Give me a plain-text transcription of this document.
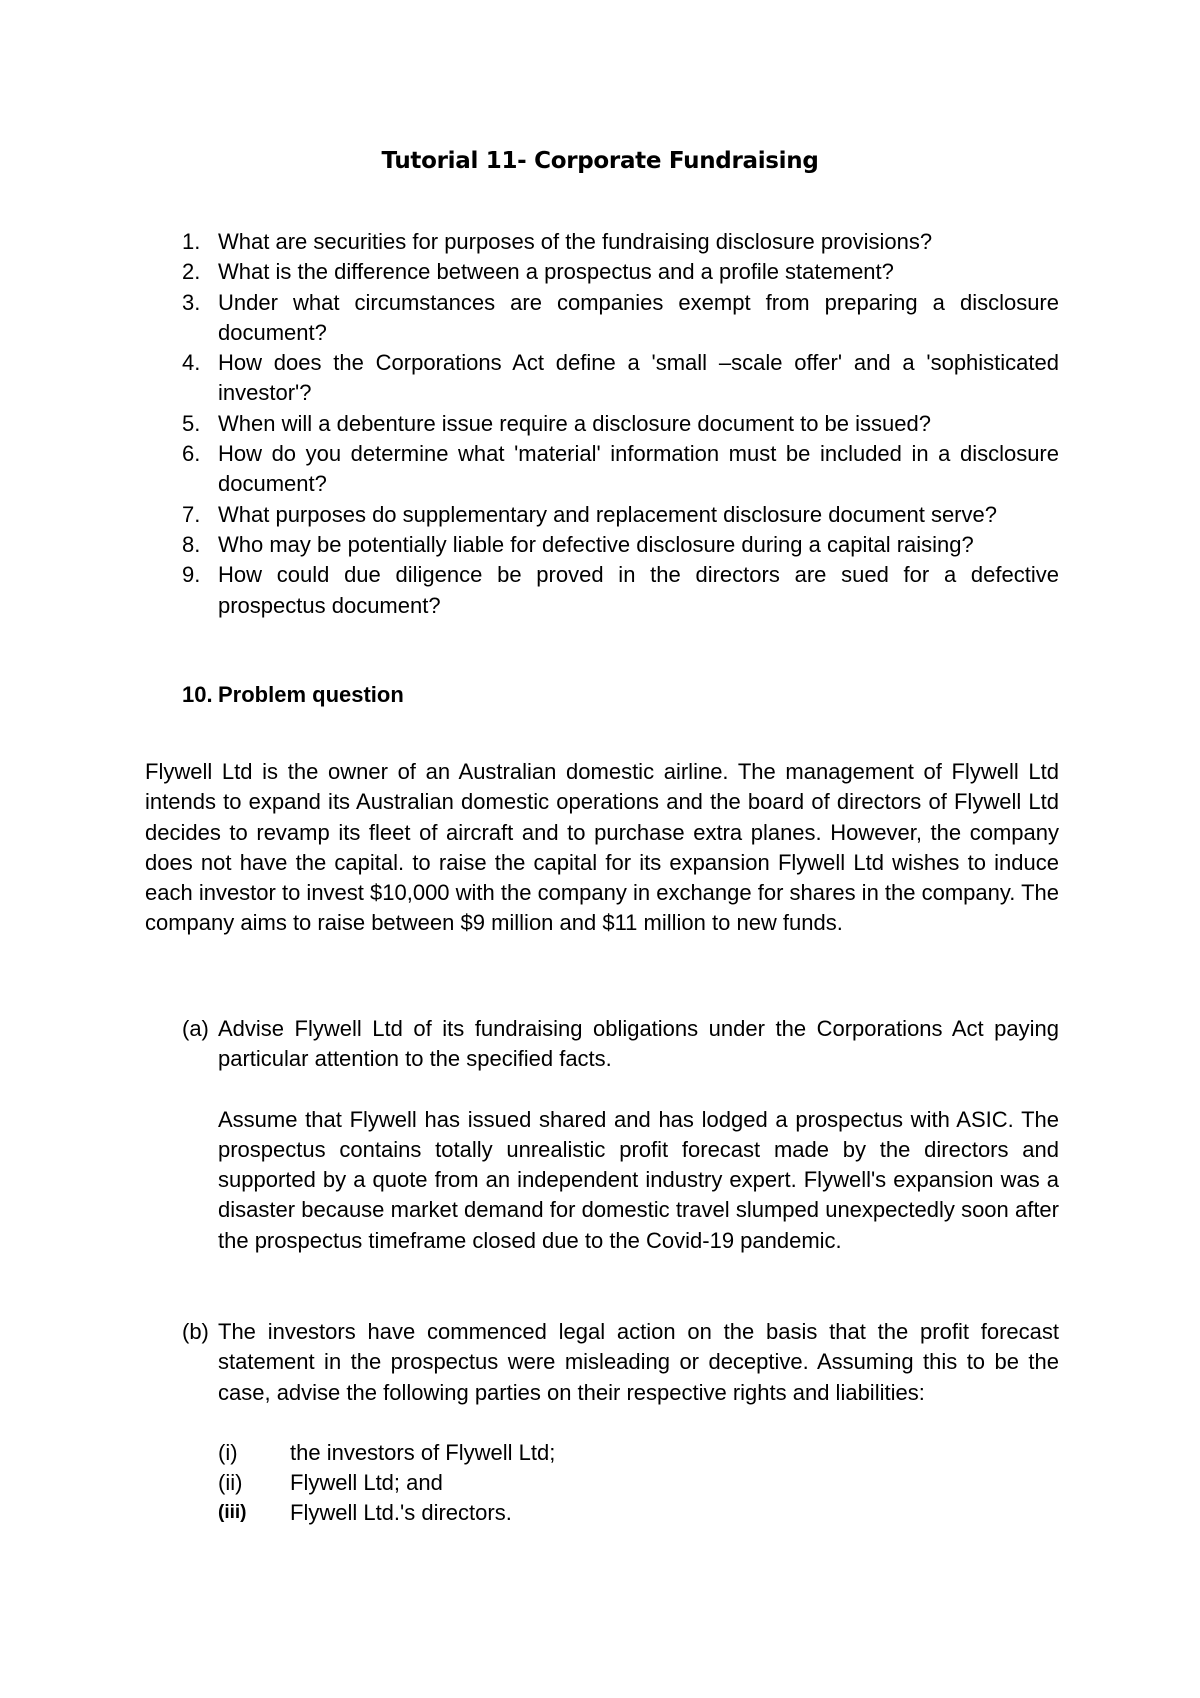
Tutorial 11- Corporate Fundraising
1. What are securities for purposes of the fundraising disclosure provisions?
2. What is the difference between a prospectus and a profile statement?
3. Under what circumstances are companies exempt from preparing a disclosure document?
4. How does the Corporations Act define a 'small –scale offer' and a 'sophisticated investor'?
5. When will a debenture issue require a disclosure document to be issued?
6. How do you determine what 'material' information must be included in a disclosure document?
7. What purposes do supplementary and replacement disclosure document serve?
8. Who may be potentially liable for defective disclosure during a capital raising?
9. How could due diligence be proved in the directors are sued for a defective prospectus document?
10. Problem question
Flywell Ltd is the owner of an Australian domestic airline. The management of Flywell Ltd intends to expand its Australian domestic operations and the board of directors of Flywell Ltd decides to revamp its fleet of aircraft and to purchase extra planes. However, the company does not have the capital. to raise the capital for its expansion Flywell Ltd wishes to induce each investor to invest $10,000 with the company in exchange for shares in the company. The company aims to raise between $9 million and $11 million to new funds.
(a) Advise Flywell Ltd of its fundraising obligations under the Corporations Act paying particular attention to the specified facts.

Assume that Flywell has issued shared and has lodged a prospectus with ASIC. The prospectus contains totally unrealistic profit forecast made by the directors and supported by a quote from an independent industry expert. Flywell's expansion was a disaster because market demand for domestic travel slumped unexpectedly soon after the prospectus timeframe closed due to the Covid-19 pandemic.

(b) The investors have commenced legal action on the basis that the profit forecast statement in the prospectus were misleading or deceptive. Assuming this to be the case, advise the following parties on their respective rights and liabilities:

(i) the investors of Flywell Ltd;
(ii) Flywell Ltd; and
(iii) Flywell Ltd.'s directors.
